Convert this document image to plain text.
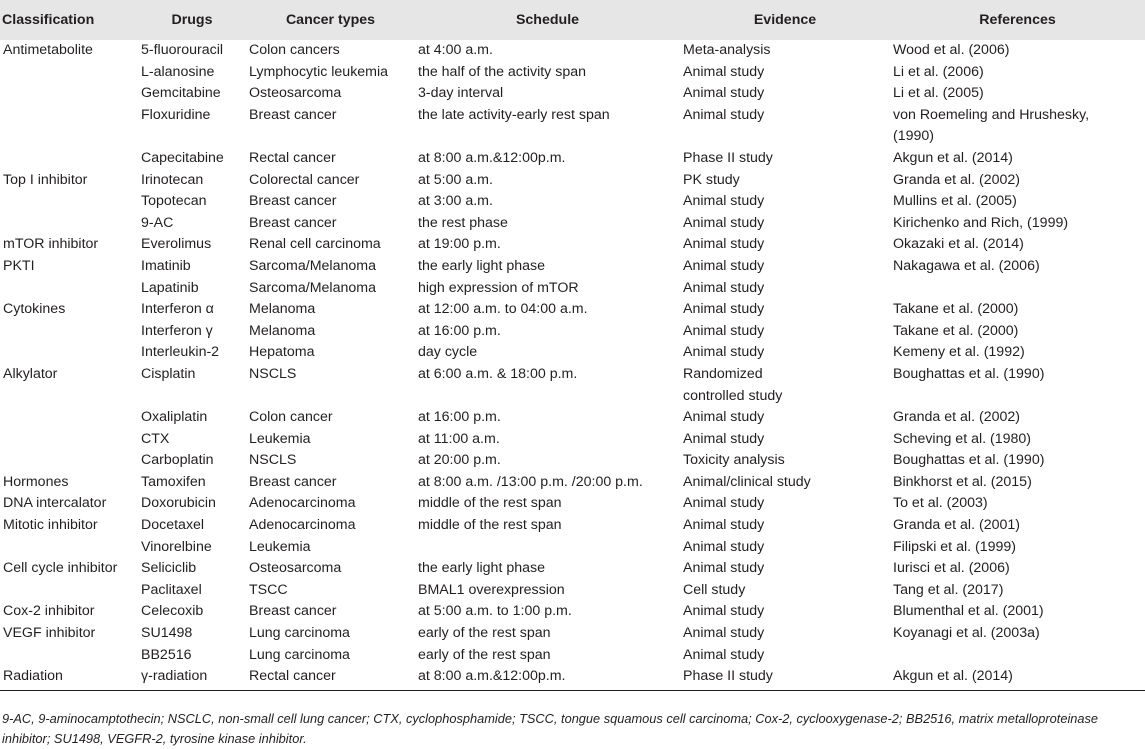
Classification	Drugs	Cancer types	Schedule	Evidence	References
Antimetabolite	5-fluorouracil	Colon cancers	at 4:00 a.m.	Meta-analysis	Wood et al. (2006)
	L-alanosine	Lymphocytic leukemia	the half of the activity span	Animal study	Li et al. (2006)
	Gemcitabine	Osteosarcoma	3-day interval	Animal study	Li et al. (2005)
	Floxuridine	Breast cancer	the late activity-early rest span	Animal study	von Roemeling and Hrushesky, (1990)
	Capecitabine	Rectal cancer	at 8:00 a.m.&12:00p.m.	Phase II study	Akgun et al. (2014)
Top I inhibitor	Irinotecan	Colorectal cancer	at 5:00 a.m.	PK study	Granda et al. (2002)
	Topotecan	Breast cancer	at 3:00 a.m.	Animal study	Mullins et al. (2005)
	9-AC	Breast cancer	the rest phase	Animal study	Kirichenko and Rich, (1999)
mTOR inhibitor	Everolimus	Renal cell carcinoma	at 19:00 p.m.	Animal study	Okazaki et al. (2014)
PKTI	Imatinib	Sarcoma/Melanoma	the early light phase	Animal study	Nakagawa et al. (2006)
	Lapatinib	Sarcoma/Melanoma	high expression of mTOR	Animal study	
Cytokines	Interferon α	Melanoma	at 12:00 a.m. to 04:00 a.m.	Animal study	Takane et al. (2000)
	Interferon γ	Melanoma	at 16:00 p.m.	Animal study	Takane et al. (2000)
	Interleukin-2	Hepatoma	day cycle	Animal study	Kemeny et al. (1992)
Alkylator	Cisplatin	NSCLS	at 6:00 a.m. & 18:00 p.m.	Randomized controlled study	Boughattas et al. (1990)
	Oxaliplatin	Colon cancer	at 16:00 p.m.	Animal study	Granda et al. (2002)
	CTX	Leukemia	at 11:00 a.m.	Animal study	Scheving et al. (1980)
	Carboplatin	NSCLS	at 20:00 p.m.	Toxicity analysis	Boughattas et al. (1990)
Hormones	Tamoxifen	Breast cancer	at 8:00 a.m. /13:00 p.m. /20:00 p.m.	Animal/clinical study	Binkhorst et al. (2015)
DNA intercalator	Doxorubicin	Adenocarcinoma	middle of the rest span	Animal study	To et al. (2003)
Mitotic inhibitor	Docetaxel	Adenocarcinoma	middle of the rest span	Animal study	Granda et al. (2001)
	Vinorelbine	Leukemia		Animal study	Filipski et al. (1999)
Cell cycle inhibitor	Seliciclib	Osteosarcoma	the early light phase	Animal study	Iurisci et al. (2006)
	Paclitaxel	TSCC	BMAL1 overexpression	Cell study	Tang et al. (2017)
Cox-2 inhibitor	Celecoxib	Breast cancer	at 5:00 a.m. to 1:00 p.m.	Animal study	Blumenthal et al. (2001)
VEGF inhibitor	SU1498	Lung carcinoma	early of the rest span	Animal study	Koyanagi et al. (2003a)
	BB2516	Lung carcinoma	early of the rest span	Animal study	
Radiation	γ-radiation	Rectal cancer	at 8:00 a.m.&12:00p.m.	Phase II study	Akgun et al. (2014)
9-AC, 9-aminocamptothecin; NSCLC, non-small cell lung cancer; CTX, cyclophosphamide; TSCC, tongue squamous cell carcinoma; Cox-2, cyclooxygenase-2; BB2516, matrix metalloproteinase inhibitor; SU1498, VEGFR-2, tyrosine kinase inhibitor.
